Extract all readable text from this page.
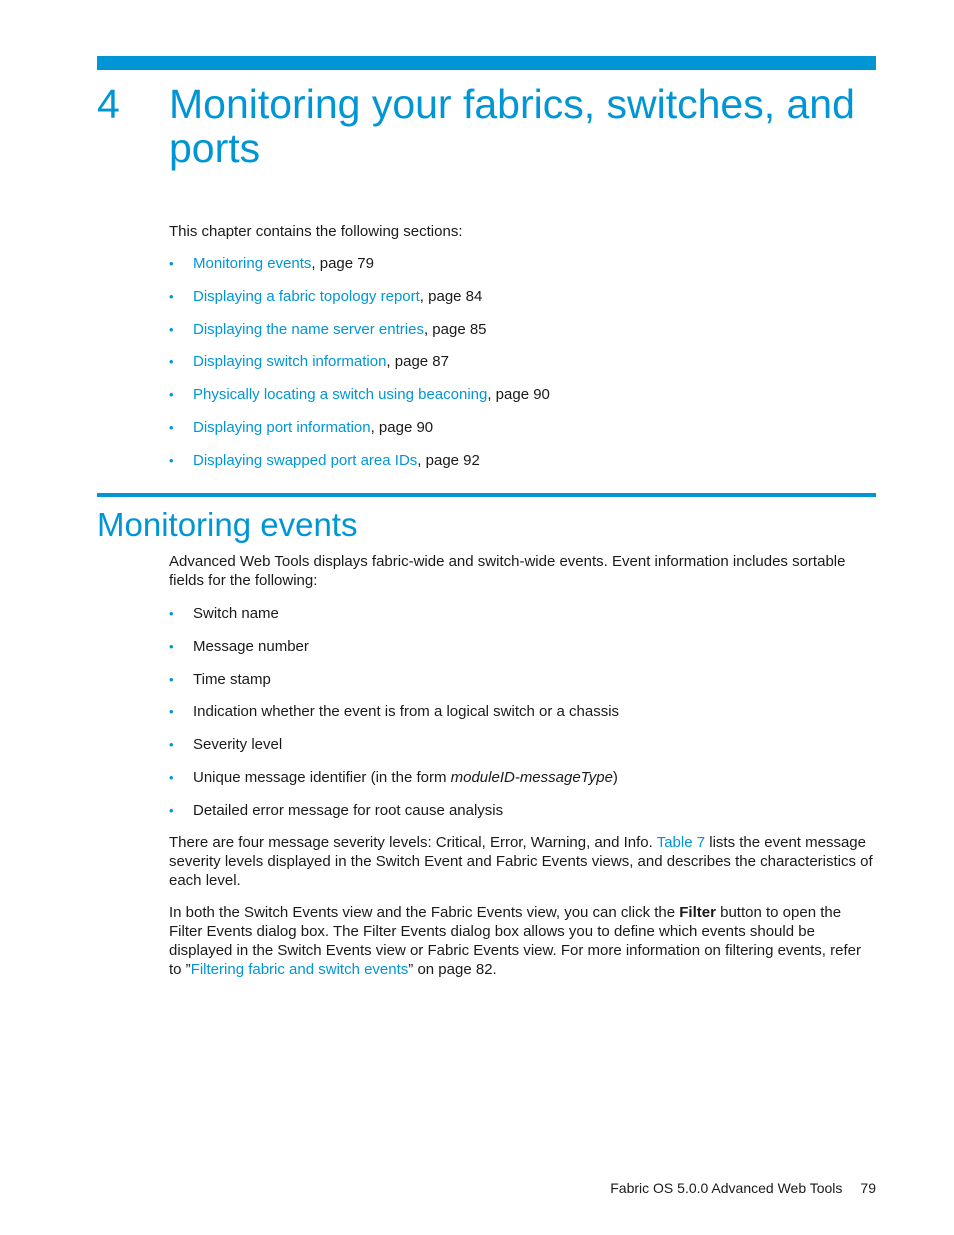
4 Monitoring your fabrics, switches, and ports

This chapter contains the following sections:

• Monitoring events, page 79
• Displaying a fabric topology report, page 84
• Displaying the name server entries, page 85
• Displaying switch information, page 87
• Physically locating a switch using beaconing, page 90
• Displaying port information, page 90
• Displaying swapped port area IDs, page 92
Monitoring events

Advanced Web Tools displays fabric-wide and switch-wide events. Event information includes sortable fields for the following:

• Switch name
• Message number
• Time stamp
• Indication whether the event is from a logical switch or a chassis
• Severity level
• Unique message identifier (in the form moduleID-messageType)
• Detailed error message for root cause analysis

There are four message severity levels: Critical, Error, Warning, and Info. Table 7 lists the event message severity levels displayed in the Switch Event and Fabric Events views, and describes the characteristics of each level.

In both the Switch Events view and the Fabric Events view, you can click the Filter button to open the Filter Events dialog box. The Filter Events dialog box allows you to define which events should be displayed in the Switch Events view or Fabric Events view. For more information on filtering events, refer to ”Filtering fabric and switch events” on page 82.

Fabric OS 5.0.0 Advanced Web Tools 79
